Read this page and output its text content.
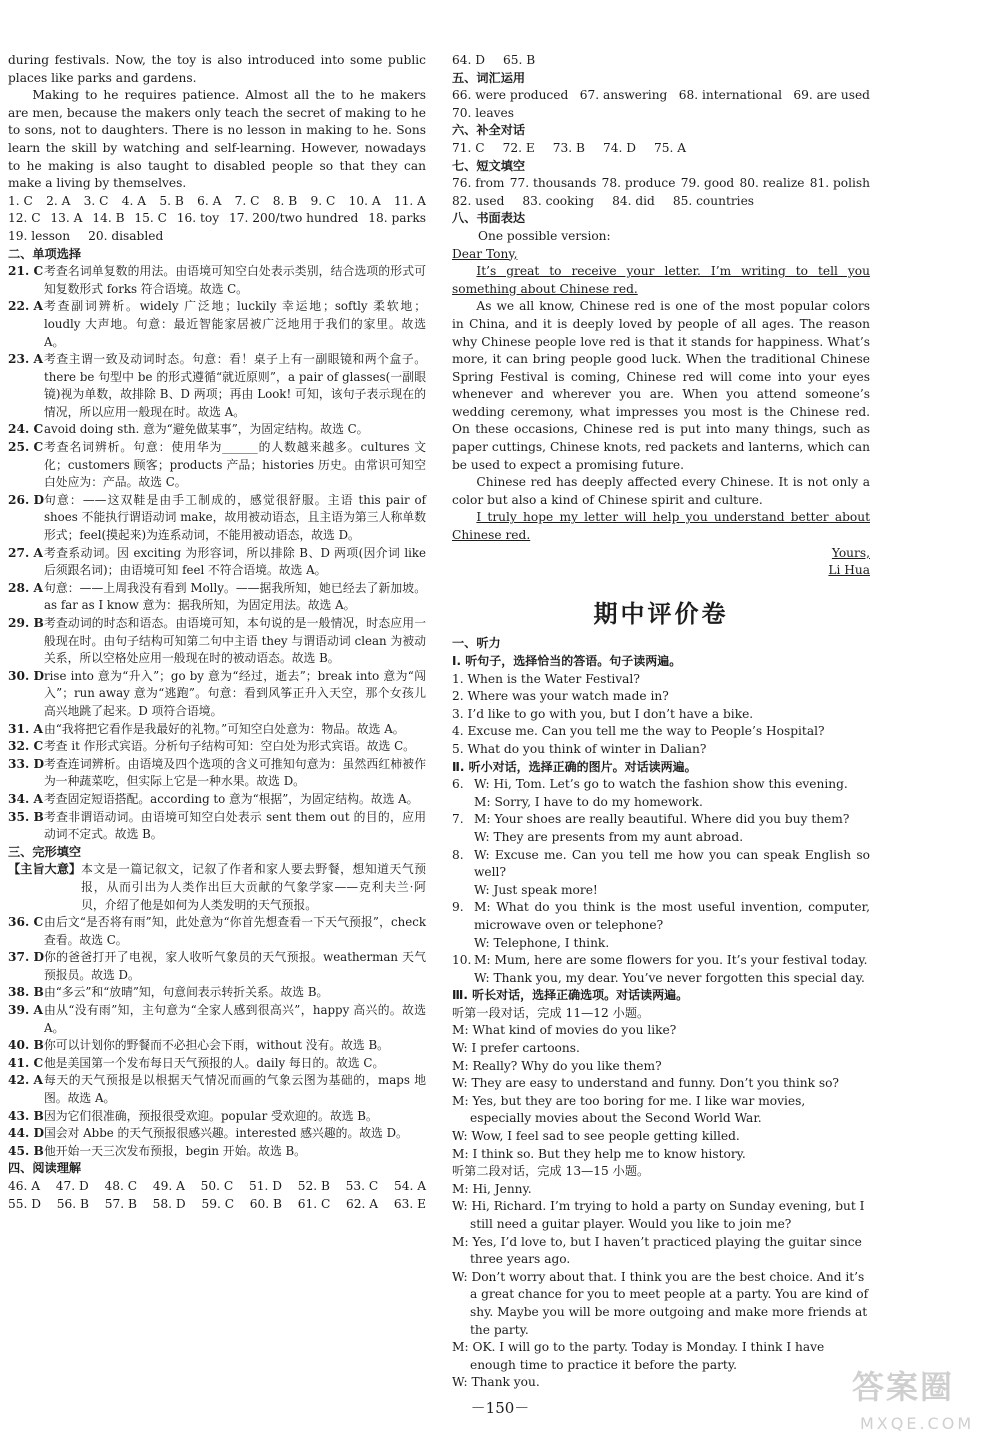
during festivals. Now, the toy is also introduced into some public places like parks and gardens.
Making to he requires patience. Almost all the to he makers are men, because the makers only teach the secret of making to he to sons, not to daughters. There is no lesson in making to he. Sons learn the skill by watching and self-learning. However, nowadays to he making is also taught to disabled people so that they can make a living by themselves.
1. C 2. A 3. C 4. A 5. B 6. A 7. C 8. B 9. C 10. A 11. A
12. C 13. A 14. B 15. C 16. toy 17. 200/two hundred 18. parks
19. lesson 20. disabled
二、单项选择
21. C 考查名词单复数的用法。由语境可知空白处表示类别，结合选项的形式可知复数形式 forks 符合语境。故选 C。
22. A 考查副词辨析。widely 广泛地；luckily 幸运地；softly 柔软地；loudly 大声地。句意：最近智能家居被广泛地用于我们的家里。故选 A。
23. A 考查主谓一致及动词时态。句意：看！桌子上有一副眼镜和两个盒子。there be 句型中 be 的形式遵循“就近原则”，a pair of glasses(一副眼镜)视为单数，故排除 B、D 两项；再由 Look! 可知，该句子表示现在的情况，所以应用一般现在时。故选 A。
24. C avoid doing sth. 意为“避免做某事”，为固定结构。故选 C。
25. C 考查名词辨析。句意：使用华为______的人数越来越多。cultures 文化；customers 顾客；products 产品；histories 历史。由常识可知空白处应为：产品。故选 C。
26. D 句意：——这双鞋是由手工制成的，感觉很舒服。主语 this pair of shoes 不能执行谓语动词 make，故用被动语态，且主语为第三人称单数形式；feel(摸起来)为连系动词，不能用被动语态，故选 D。
27. A 考查系动词。因 exciting 为形容词，所以排除 B、D 两项(因介词 like 后须跟名词)；由语境可知 feel 不符合语境。故选 A。
28. A 句意：——上周我没有看到 Molly。——据我所知，她已经去了新加坡。as far as I know 意为：据我所知，为固定用法。故选 A。
29. B 考查动词的时态和语态。由语境可知，本句说的是一般情况，时态应用一般现在时。由句子结构可知第二句中主语 they 与谓语动词 clean 为被动关系，所以空格处应用一般现在时的被动语态。故选 B。
30. D rise into 意为“升入”；go by 意为“经过，逝去”；break into 意为“闯入”；run away 意为“逃跑”。句意：看到风筝正升入天空，那个女孩儿高兴地跳了起来。D 项符合语境。
31. A 由“我将把它看作是我最好的礼物。”可知空白处意为：物品。故选 A。
32. C 考查 it 作形式宾语。分析句子结构可知：空白处为形式宾语。故选 C。
33. D 考查连词辨析。由语境及四个选项的含义可推知句意为：虽然西红柿被作为一种蔬菜吃，但实际上它是一种水果。故选 D。
34. A 考查固定短语搭配。according to 意为“根据”，为固定结构。故选 A。
35. B 考查非谓语动词。由语境可知空白处表示 sent them out 的目的，应用动词不定式。故选 B。
三、完形填空
【主旨大意】 本文是一篇记叙文，记叙了作者和家人要去野餐，想知道天气预报，从而引出为人类作出巨大贡献的气象学家——克利夫兰·阿贝，介绍了他是如何为人类发明的天气预报。
36. C 由后文“是否将有雨”知，此处意为“你首先想查看一下天气预报”，check 查看。故选 C。
37. D 你的爸爸打开了电视，家人收听气象员的天气预报。weatherman 天气预报员。故选 D。
38. B 由“多云”和“放晴”知，句意间表示转折关系。故选 B。
39. A 由从“没有雨”知，主句意为“全家人感到很高兴”，happy 高兴的。故选 A。
40. B 你可以计划你的野餐而不必担心会下雨，without 没有。故选 B。
41. C 他是美国第一个发布每日天气预报的人。daily 每日的。故选 C。
42. A 每天的天气预报是以根据天气情况而画的气象云图为基础的，maps 地图。故选 A。
43. B 因为它们很准确，预报很受欢迎。popular 受欢迎的。故选 B。
44. D 国会对 Abbe 的天气预报很感兴趣。interested 感兴趣的。故选 D。
45. B 他开始一天三次发布预报，begin 开始。故选 B。
四、阅读理解
46. A 47. D 48. C 49. A 50. C 51. D 52. B 53. C 54. A
55. D 56. B 57. B 58. D 59. C 60. B 61. C 62. A 63. E
64. D 65. B
五、词汇运用
66. were produced 67. answering 68. international 69. are used
70. leaves
六、补全对话
71. C 72. E 73. B 74. D 75. A
七、短文填空
76. from 77. thousands 78. produce 79. good 80. realize 81. polish
82. used 83. cooking 84. did 85. countries
八、书面表达
One possible version:
Dear Tony,
It’s great to receive your letter. I’m writing to tell you something about Chinese red.
As we all know, Chinese red is one of the most popular colors in China, and it is deeply loved by people of all ages. The reason why Chinese people love red is that it stands for happiness. What’s more, it can bring people good luck. When the traditional Chinese Spring Festival is coming, Chinese red will come into your eyes whenever and wherever you are. When you attend someone’s wedding ceremony, what impresses you most is the Chinese red. On these occasions, Chinese red is put into many things, such as paper cuttings, Chinese knots, red packets and lanterns, which can be used to expect a promising future.
Chinese red has deeply affected every Chinese. It is not only a color but also a kind of Chinese spirit and culture.
I truly hope my letter will help you understand better about Chinese red.
Yours,
Li Hua
期中评价卷
一、听力
Ⅰ. 听句子，选择恰当的答语。句子读两遍。
1. When is the Water Festival?
2. Where was your watch made in?
3. I’d like to go with you, but I don’t have a bike.
4. Excuse me. Can you tell me the way to People’s Hospital?
5. What do you think of winter in Dalian?
Ⅱ. 听小对话，选择正确的图片。对话读两遍。
6. W: Hi, Tom. Let’s go to watch the fashion show this evening.
M: Sorry, I have to do my homework.
7. M: Your shoes are really beautiful. Where did you buy them?
W: They are presents from my aunt abroad.
8. W: Excuse me. Can you tell me how you can speak English so well?
W: Just speak more!
9. M: What do you think is the most useful invention, computer, microwave oven or telephone?
W: Telephone, I think.
10. M: Mum, here are some flowers for you. It’s your festival today.
W: Thank you, my dear. You’ve never forgotten this special day.
Ⅲ. 听长对话，选择正确选项。对话读两遍。
听第一段对话，完成 11—12 小题。
M: What kind of movies do you like?
W: I prefer cartoons.
M: Really? Why do you like them?
W: They are easy to understand and funny. Don’t you think so?
M: Yes, but they are too boring for me. I like war movies, especially movies about the Second World War.
W: Wow, I feel sad to see people getting killed.
M: I think so. But they help me to know history.
听第二段对话，完成 13—15 小题。
M: Hi, Jenny.
W: Hi, Richard. I’m trying to hold a party on Sunday evening, but I still need a guitar player. Would you like to join me?
M: Yes, I’d love to, but I haven’t practiced playing the guitar since three years ago.
W: Don’t worry about that. I think you are the best choice. And it’s a great chance for you to meet people at a party. You are kind of shy. Maybe you will be more outgoing and make more friends at the party.
M: OK. I will go to the party. Today is Monday. I think I have enough time to practice it before the party.
W: Thank you.
－150－
答案圈
MXQE.COM
